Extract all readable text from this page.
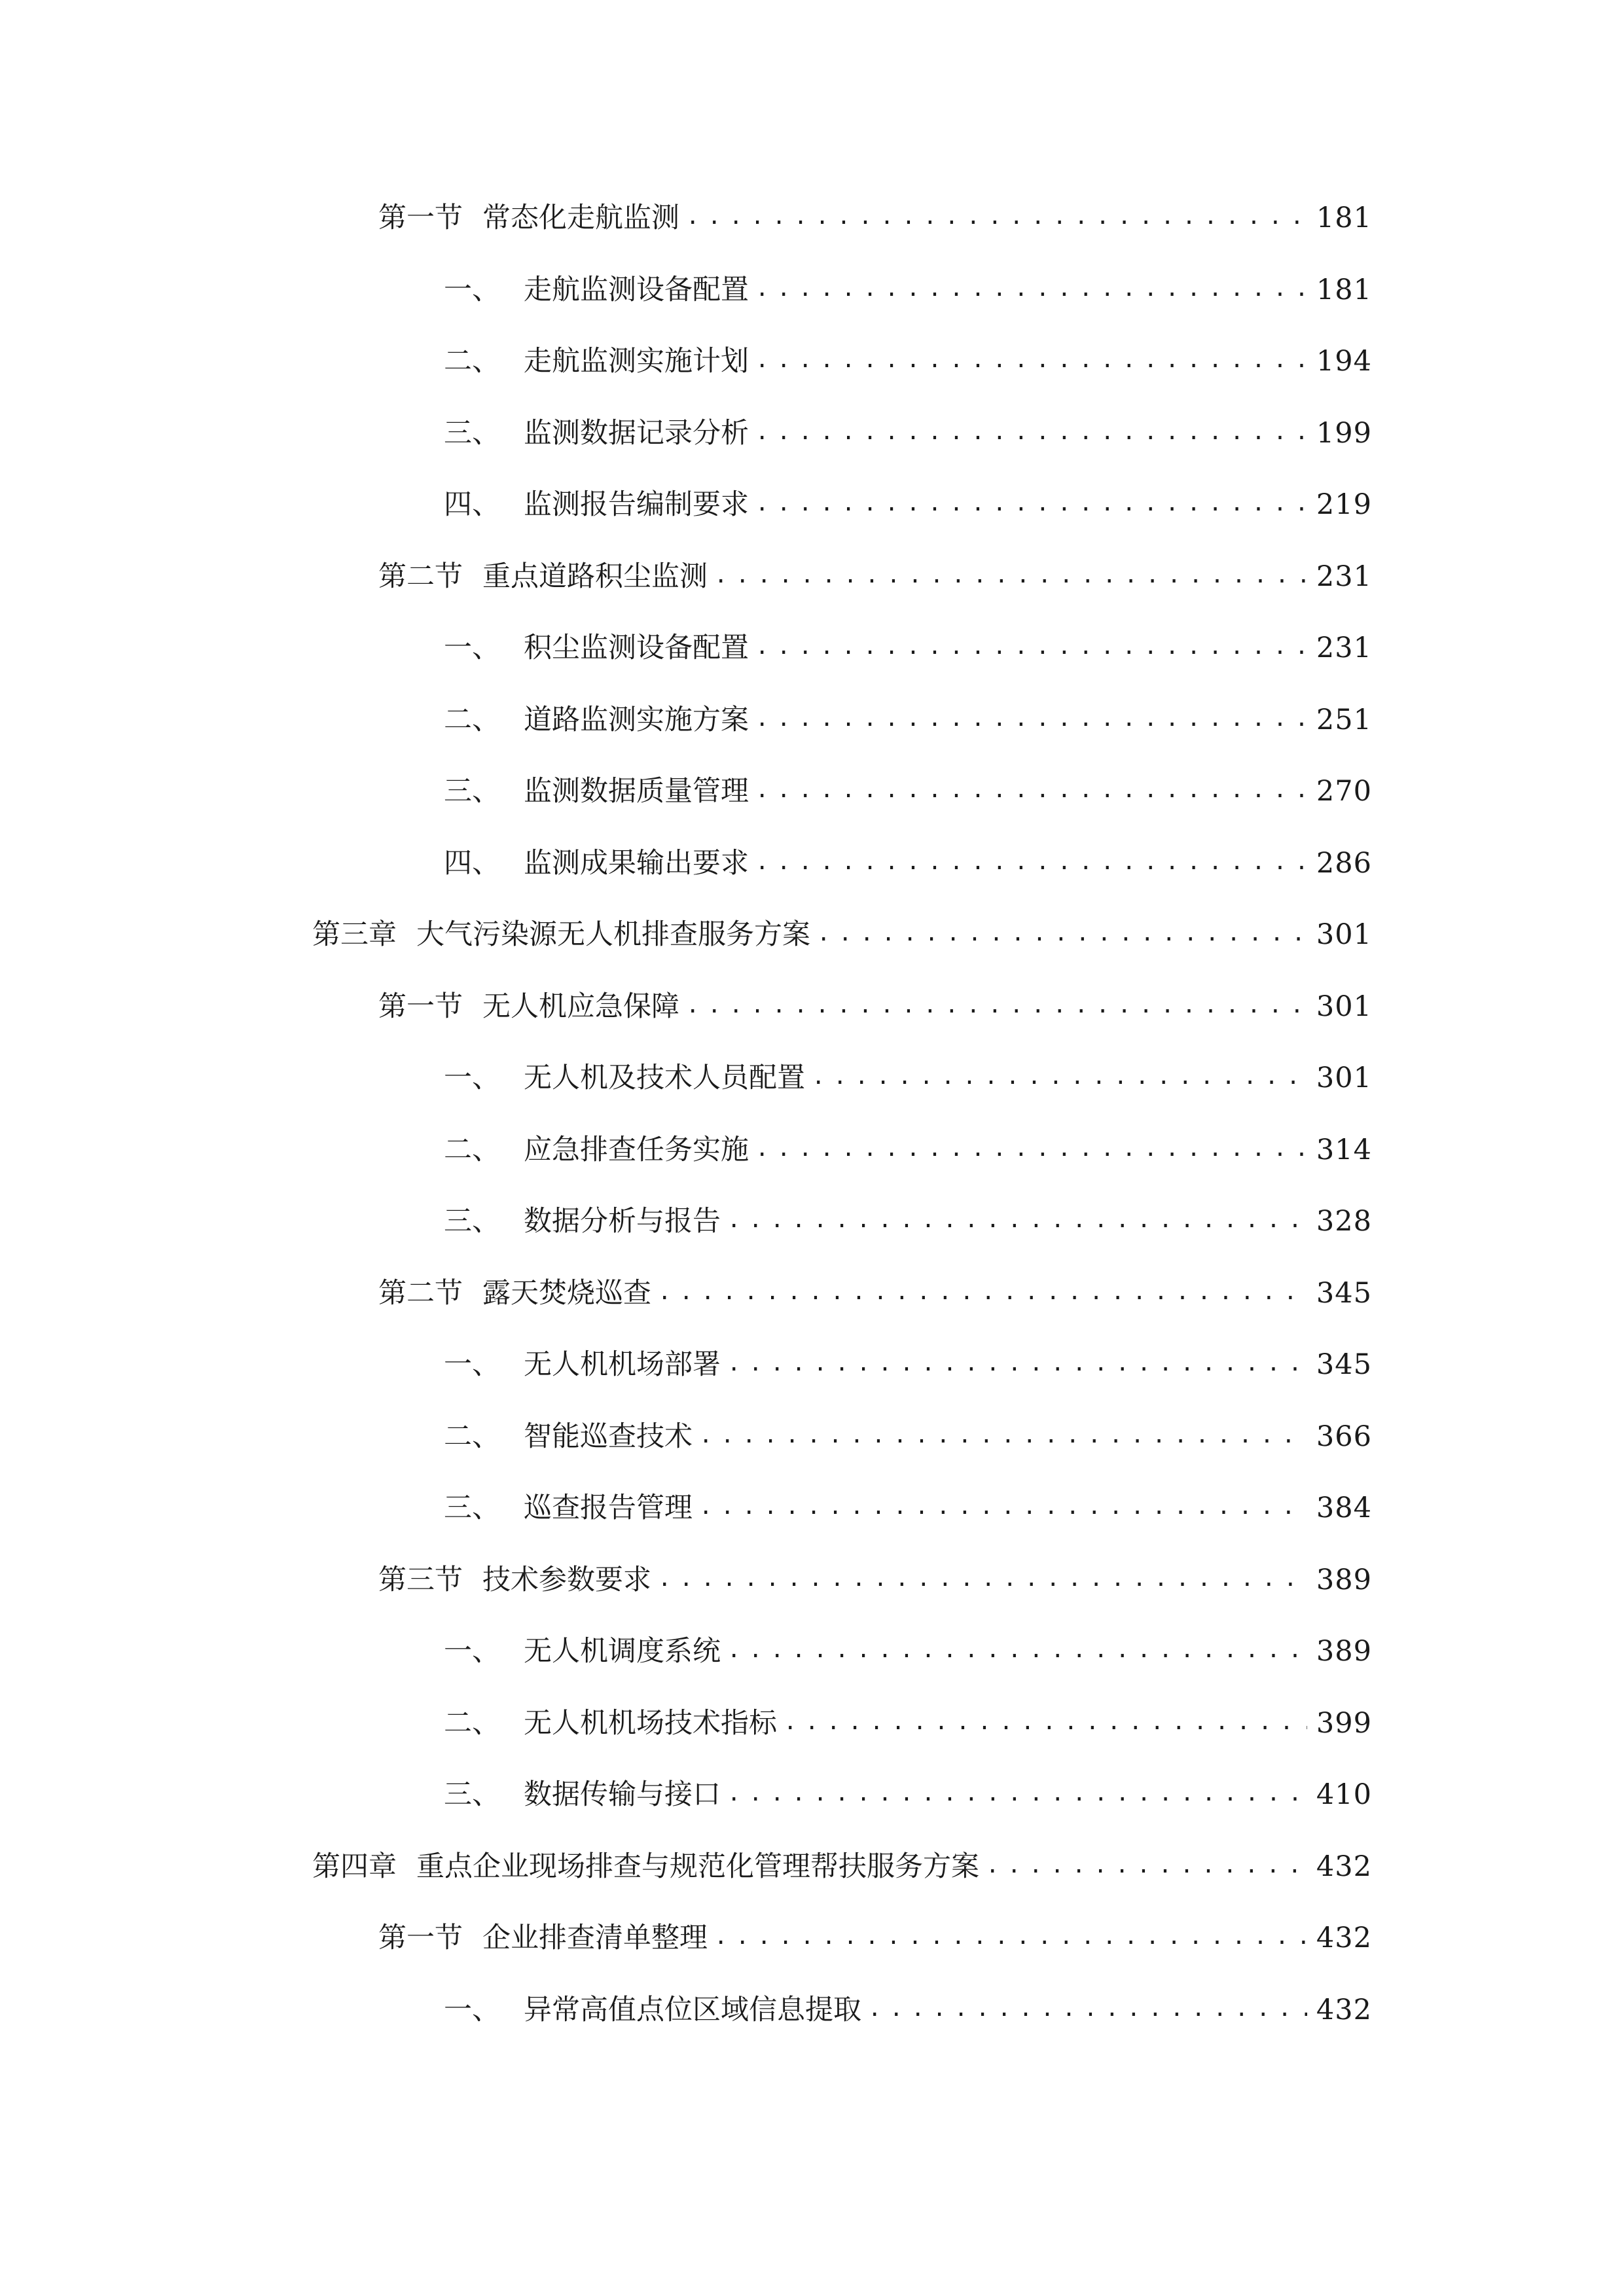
第一节 常态化走航监测 .....	181
一、 走航监测设备配置 .....	181
二、 走航监测实施计划 .....	194
三、 监测数据记录分析 .....	199
四、 监测报告编制要求 .....	219
第二节 重点道路积尘监测 .....	231
一、 积尘监测设备配置 .....	231
二、 道路监测实施方案 .....	251
三、 监测数据质量管理 .....	270
四、 监测成果输出要求 .....	286
第三章 大气污染源无人机排查服务方案 .....	301
第一节 无人机应急保障 .....	301
一、 无人机及技术人员配置 .....	301
二、 应急排查任务实施 .....	314
三、 数据分析与报告 .....	328
第二节 露天焚烧巡查 .....	345
一、 无人机机场部署 .....	345
二、 智能巡查技术 .....	366
三、 巡查报告管理 .....	384
第三节 技术参数要求 .....	389
一、 无人机调度系统 .....	389
二、 无人机机场技术指标 .....	399
三、 数据传输与接口 .....	410
第四章 重点企业现场排查与规范化管理帮扶服务方案 .....	432
第一节 企业排查清单整理 .....	432
一、 异常高值点位区域信息提取 .....	432
